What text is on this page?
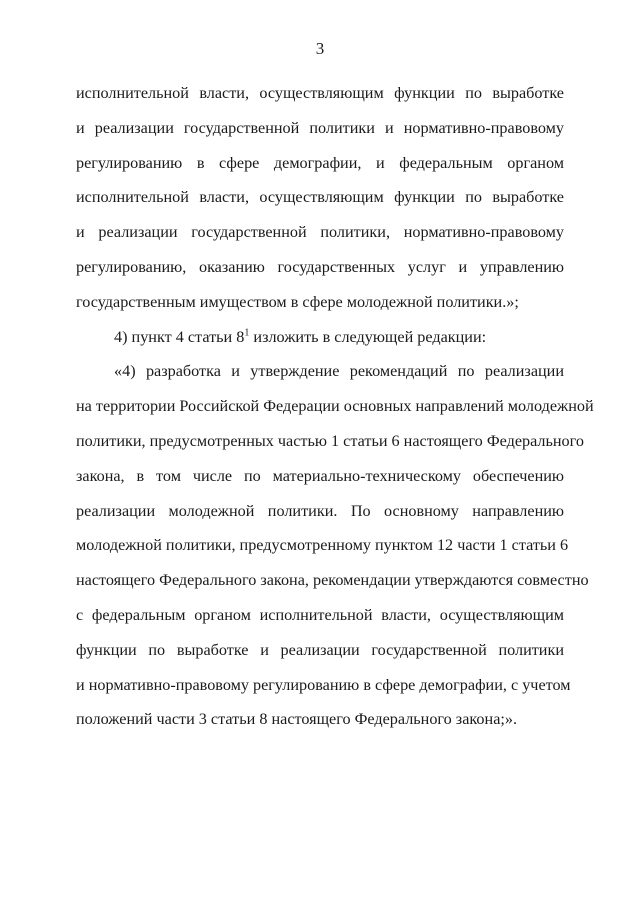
3
исполнительной власти, осуществляющим функции по выработке
и реализации государственной политики и нормативно-правовому
регулированию в сфере демографии, и федеральным органом
исполнительной власти, осуществляющим функции по выработке
и реализации государственной политики, нормативно-правовому
регулированию, оказанию государственных услуг и управлению
государственным имуществом в сфере молодежной политики.»;
4) пункт 4 статьи $8^1$ изложить в следующей редакции:
«4) разработка и утверждение рекомендаций по реализации
на территории Российской Федерации основных направлений молодежной
политики, предусмотренных частью 1 статьи 6 настоящего Федерального
закона, в том числе по материально-техническому обеспечению
реализации молодежной политики. По основному направлению
молодежной политики, предусмотренному пунктом 12 части 1 статьи 6
настоящего Федерального закона, рекомендации утверждаются совместно
с федеральным органом исполнительной власти, осуществляющим
функции по выработке и реализации государственной политики
и нормативно-правовому регулированию в сфере демографии, с учетом
положений части 3 статьи 8 настоящего Федерального закона;».
